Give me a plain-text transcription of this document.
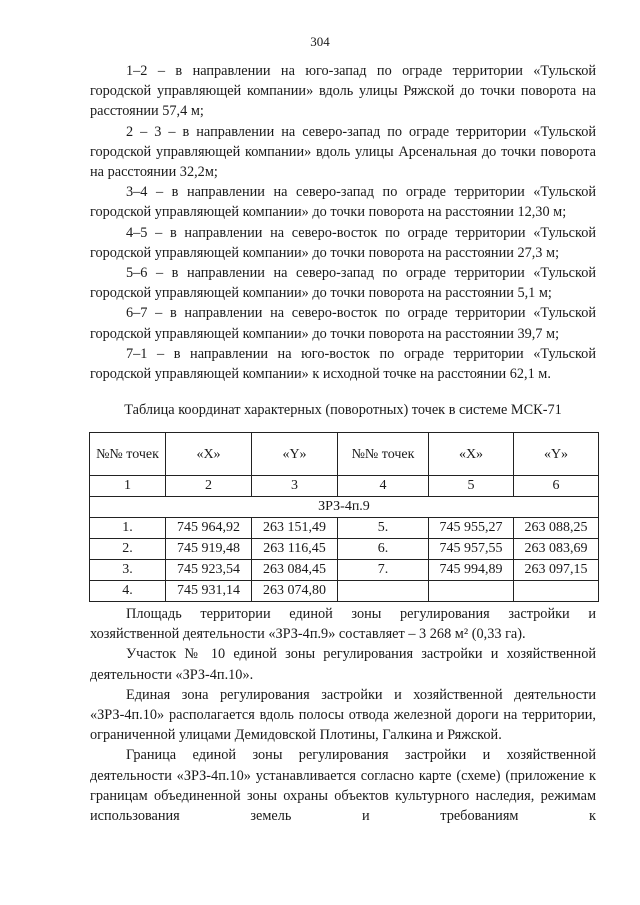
304

1–2 – в направлении на юго-запад по ограде территории «Тульской городской управляющей компании» вдоль улицы Ряжской до точки поворота на расстоянии 57,4 м;

2 – 3 – в направлении на северо-запад по ограде территории «Тульской городской управляющей компании» вдоль улицы Арсенальная до точки поворота на расстоянии 32,2м;

3–4 – в направлении на северо-запад по ограде территории «Тульской городской управляющей компании» до точки поворота на расстоянии 12,30 м;

4–5 – в направлении на северо-восток по ограде территории «Тульской городской управляющей компании» до точки поворота на расстоянии 27,3 м;

5–6 – в направлении на северо-запад по ограде территории «Тульской городской управляющей компании» до точки поворота на расстоянии 5,1 м;

6–7 – в направлении на северо-восток по ограде территории «Тульской городской управляющей компании» до точки поворота на расстоянии 39,7 м;

7–1 – в направлении на юго-восток по ограде территории «Тульской городской управляющей компании» к исходной точке на расстоянии 62,1 м.

Таблица координат характерных (поворотных) точек в системе МСК-71
№№ точек	«X»	«Y»	№№ точек	«X»	«Y»
1	2	3	4	5	6
ЗРЗ-4п.9					
1.	745 964,92	263 151,49	5.	745 955,27	263 088,25
2.	745 919,48	263 116,45	6.	745 957,55	263 083,69
3.	745 923,54	263 084,45	7.	745 994,89	263 097,15
4.	745 931,14	263 074,80			

Площадь территории единой зоны регулирования застройки и хозяйственной деятельности «ЗРЗ-4п.9» составляет – 3 268 м² (0,33 га).

Участок № 10 единой зоны регулирования застройки и хозяйственной деятельности «ЗРЗ-4п.10».

Единая зона регулирования застройки и хозяйственной деятельности «ЗРЗ-4п.10» располагается вдоль полосы отвода железной дороги на территории, ограниченной улицами Демидовской Плотины, Галкина и Ряжской.

Граница единой зоны регулирования застройки и хозяйственной деятельности «ЗРЗ-4п.10» устанавливается согласно карте (схеме) (приложение к границам объединенной зоны охраны объектов культурного наследия, режимам использования земель и требованиям к
